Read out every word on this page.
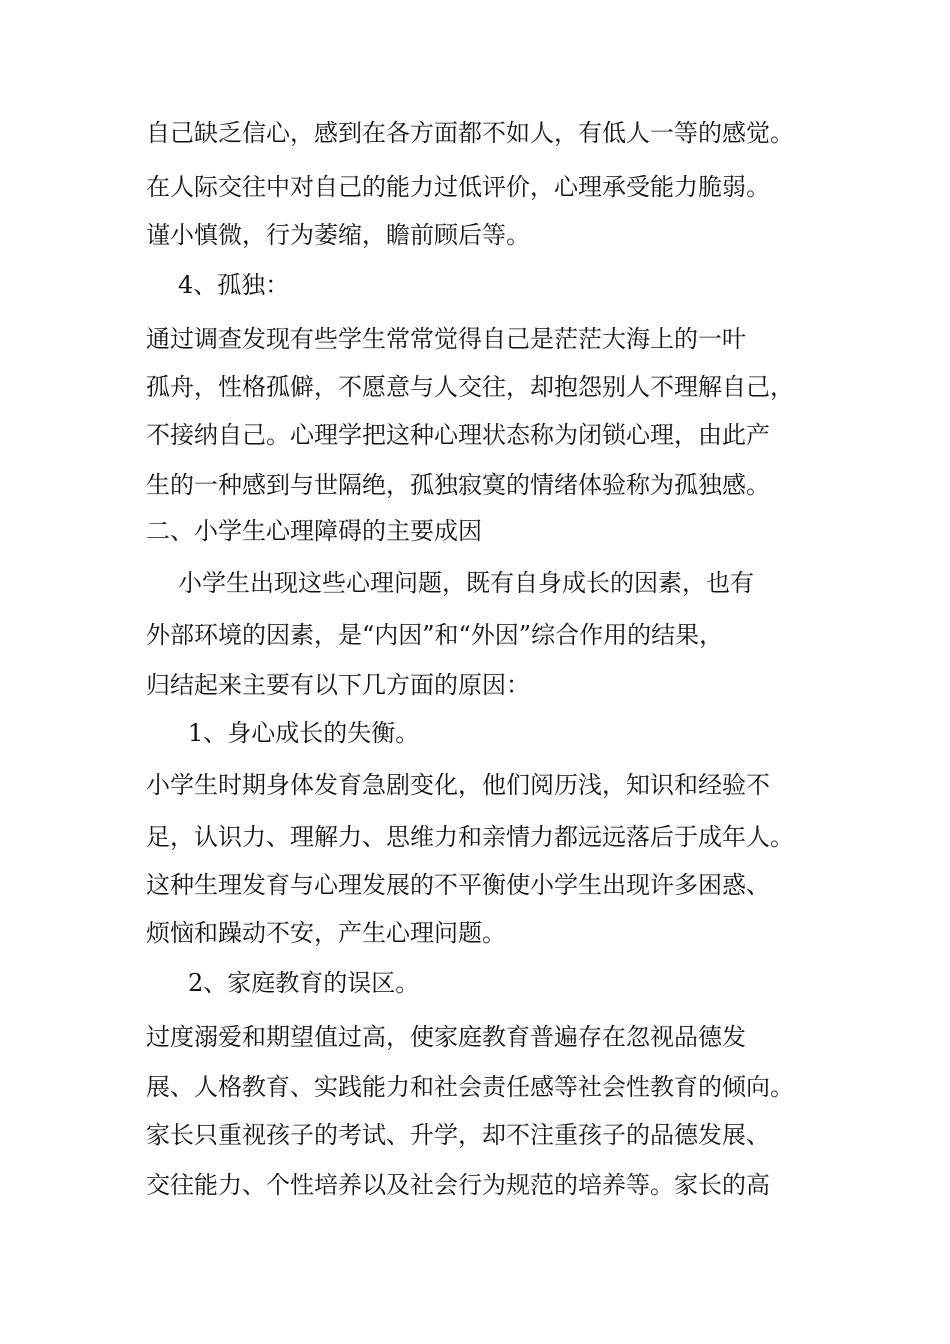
自己缺乏信心，感到在各方面都不如人，有低人一等的感觉。

在人际交往中对自己的能力过低评价，心理承受能力脆弱。

谨小慎微，行为萎缩，瞻前顾后等。

4、孤独：

通过调查发现有些学生常常觉得自己是茫茫大海上的一叶

孤舟，性格孤僻，不愿意与人交往，却抱怨别人不理解自己，

不接纳自己。心理学把这种心理状态称为闭锁心理，由此产

生的一种感到与世隔绝，孤独寂寞的情绪体验称为孤独感。

二、小学生心理障碍的主要成因

小学生出现这些心理问题，既有自身成长的因素，也有

外部环境的因素，是“内因”和“外因”综合作用的结果，

归结起来主要有以下几方面的原因：

1、身心成长的失衡。

小学生时期身体发育急剧变化，他们阅历浅，知识和经验不

足，认识力、理解力、思维力和亲情力都远远落后于成年人。

这种生理发育与心理发展的不平衡使小学生出现许多困惑、

烦恼和躁动不安，产生心理问题。

2、家庭教育的误区。

过度溺爱和期望值过高，使家庭教育普遍存在忽视品德发

展、人格教育、实践能力和社会责任感等社会性教育的倾向。

家长只重视孩子的考试、升学，却不注重孩子的品德发展、

交往能力、个性培养以及社会行为规范的培养等。家长的高
